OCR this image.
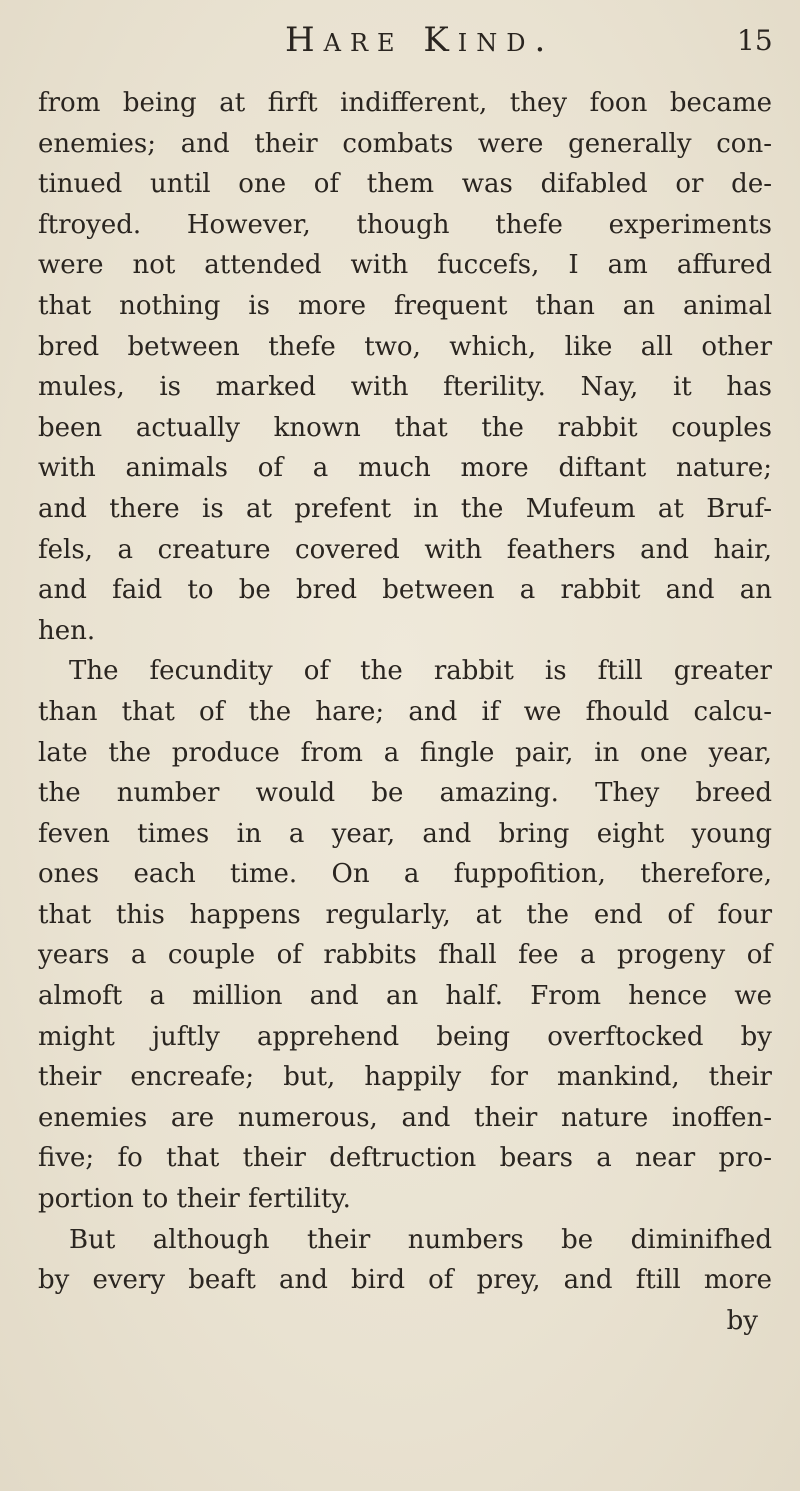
Hare Kind.	15
from being at firft indifferent, they foon became
enemies; and their combats were generally con-
tinued until one of them was difabled or de-
ftroyed. However, though thefe experiments
were not attended with fuccefs, I am affured
that nothing is more frequent than an animal
bred between thefe two, which, like all other
mules, is marked with fterility. Nay, it has
been actually known that the rabbit couples
with animals of a much more diftant nature;
and there is at prefent in the Mufeum at Bruf-
fels, a creature covered with feathers and hair,
and faid to be bred between a rabbit and an
hen.
The fecundity of the rabbit is ftill greater
than that of the hare; and if we fhould calcu-
late the produce from a fingle pair, in one year,
the number would be amazing. They breed
feven times in a year, and bring eight young
ones each time. On a fuppofition, therefore,
that this happens regularly, at the end of four
years a couple of rabbits fhall fee a progeny of
almoft a million and an half. From hence we
might juftly apprehend being overftocked by
their encreafe; but, happily for mankind, their
enemies are numerous, and their nature inoffen-
five; fo that their deftruction bears a near pro-
portion to their fertility.
But although their numbers be diminifhed
by every beaft and bird of prey, and ftill more
by
